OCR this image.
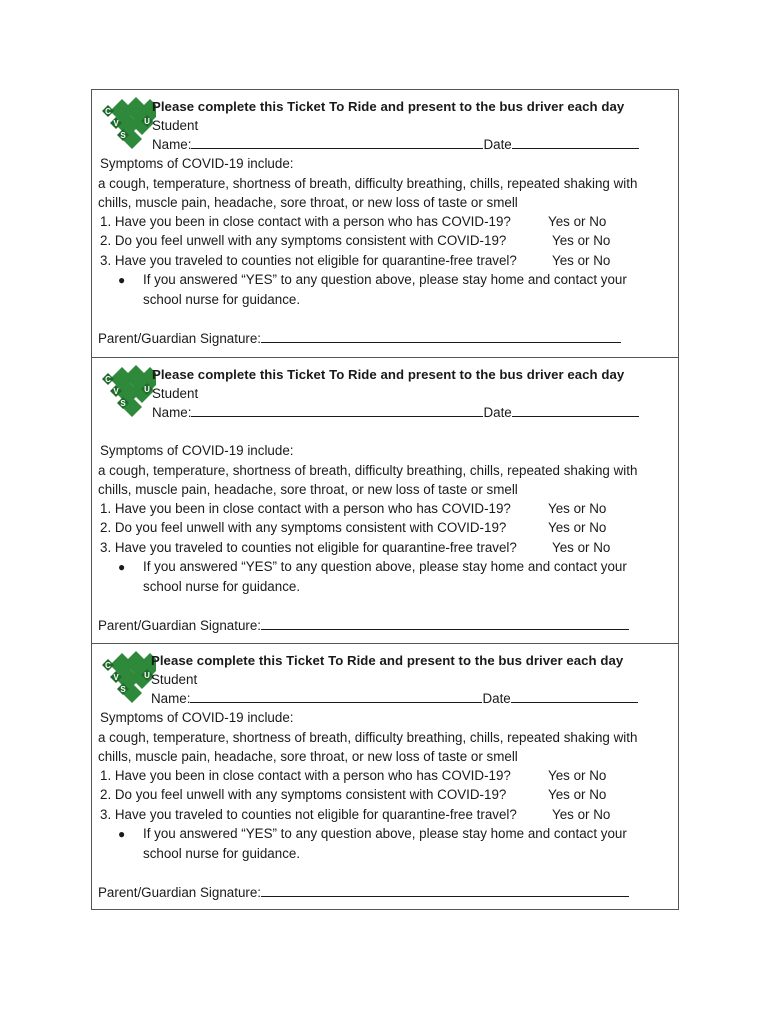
C
V
S
U
Please complete this Ticket To Ride and present to the bus driver each day
Student
Name:	Date
Symptoms of COVID-19 include:
a cough, temperature, shortness of breath, difficulty breathing, chills, repeated shaking with
chills, muscle pain, headache, sore throat, or new loss of taste or smell
1. Have you been in close contact with a person who has COVID-19?	Yes or No
2. Do you feel unwell with any symptoms consistent with COVID-19?	Yes or No
3. Have you traveled to counties not eligible for quarantine-free travel?	Yes or No
● If you answered “YES” to any question above, please stay home and contact your
school nurse for guidance.
Parent/Guardian Signature:
C
V
S
U
Please complete this Ticket To Ride and present to the bus driver each day
Student
Name:	Date
Symptoms of COVID-19 include:
a cough, temperature, shortness of breath, difficulty breathing, chills, repeated shaking with
chills, muscle pain, headache, sore throat, or new loss of taste or smell
1. Have you been in close contact with a person who has COVID-19?	Yes or No
2. Do you feel unwell with any symptoms consistent with COVID-19?	Yes or No
3. Have you traveled to counties not eligible for quarantine-free travel?	Yes or No
● If you answered “YES” to any question above, please stay home and contact your
school nurse for guidance.
Parent/Guardian Signature:
C
V
S
U
Please complete this Ticket To Ride and present to the bus driver each day
Student
Name:	Date
Symptoms of COVID-19 include:
a cough, temperature, shortness of breath, difficulty breathing, chills, repeated shaking with
chills, muscle pain, headache, sore throat, or new loss of taste or smell
1. Have you been in close contact with a person who has COVID-19?	Yes or No
2. Do you feel unwell with any symptoms consistent with COVID-19?	Yes or No
3. Have you traveled to counties not eligible for quarantine-free travel?	Yes or No
● If you answered “YES” to any question above, please stay home and contact your
school nurse for guidance.
Parent/Guardian Signature:
